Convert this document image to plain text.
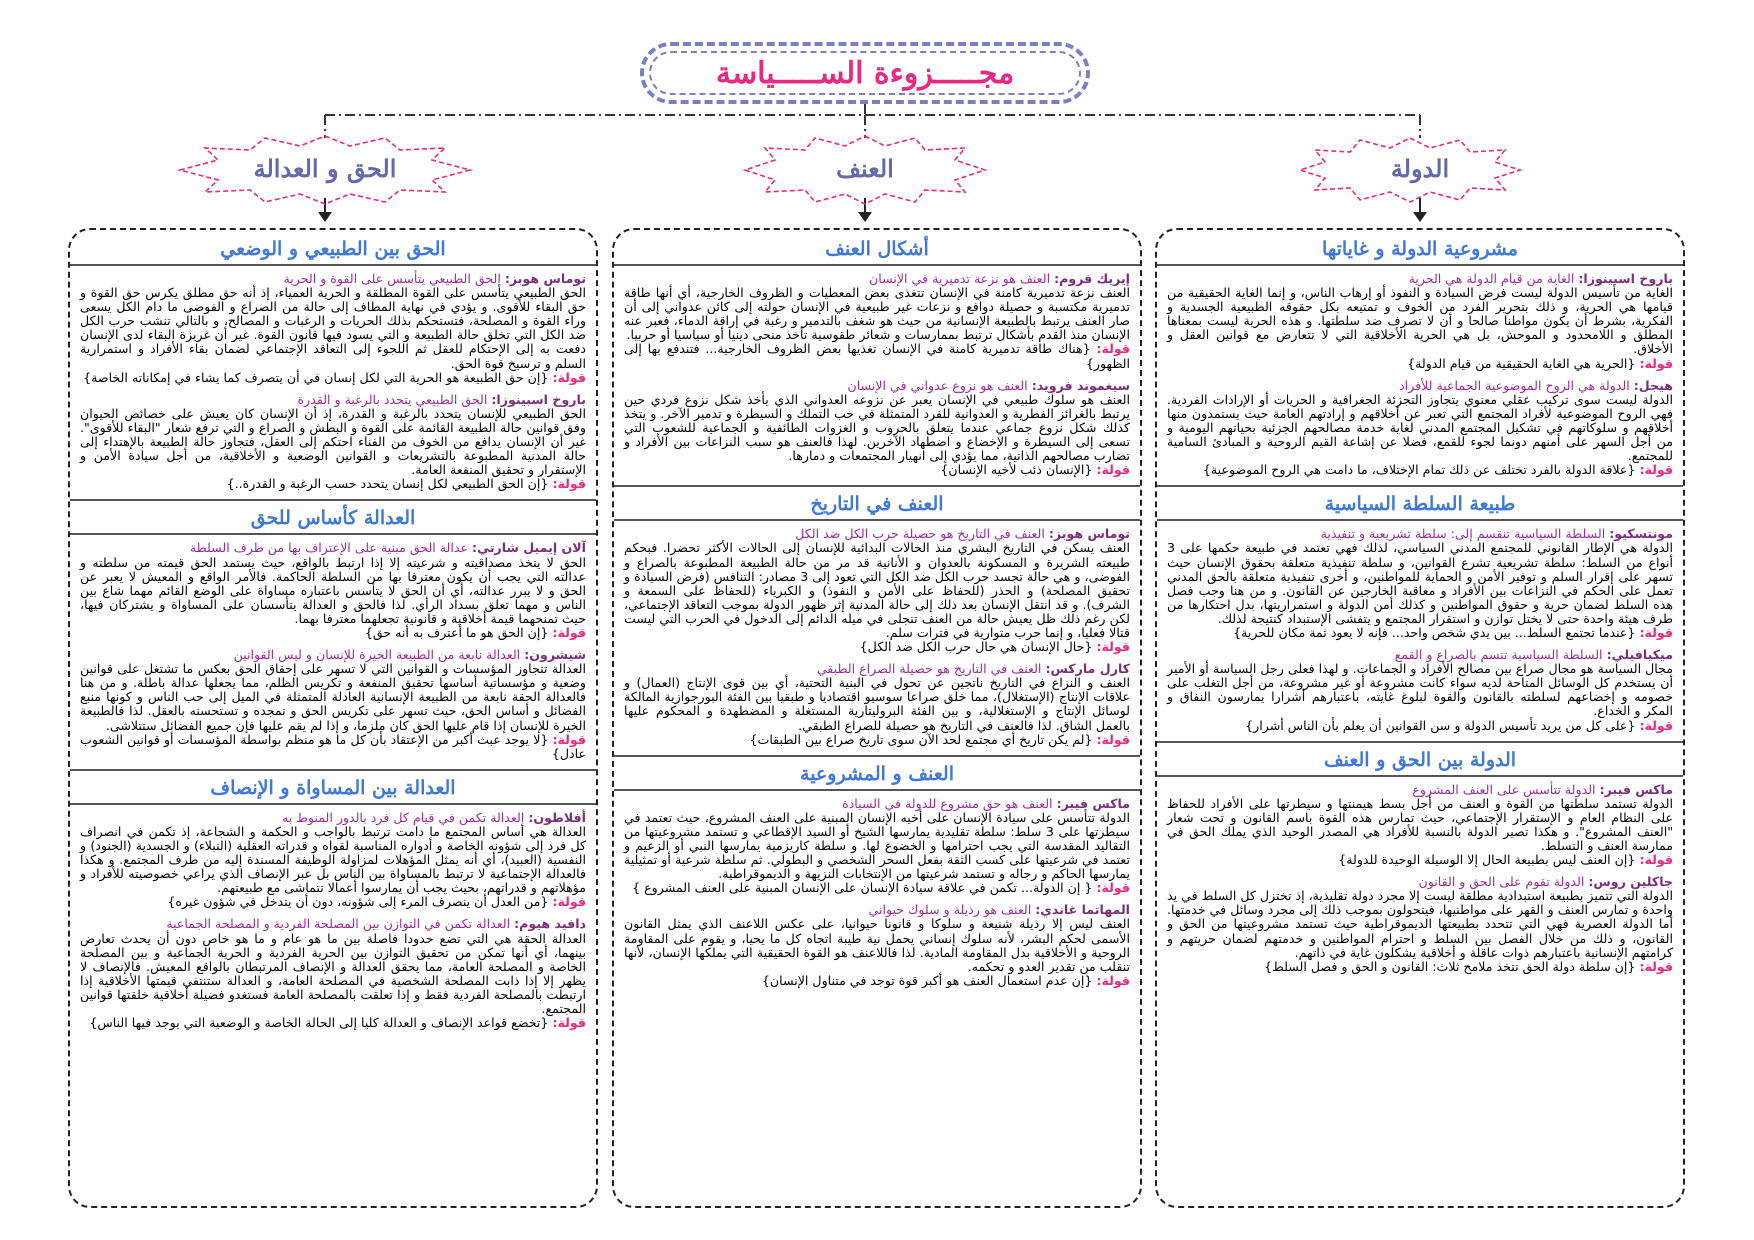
مجـــــزوءة الســـــياسة
الدولة
العنف
الحق و العدالة
مشروعية الدولة و غاياتها
باروخ اسبينوزا: الغاية من قيام الدولة هي الحرية
الغاية من تأسيس الدولة ليست فرض السيادة و النفوذ أو إرهاب الناس، و إنما الغاية الحقيقية من قيامها هي الحرية، و ذلك بتحرير الفرد من الخوف و تمتيعه بكل حقوقه الطبيعية الجسدية و الفكرية، بشرط أن يكون مواطنا صالحا و أن لا تصرف ضد سلطتها. و هذه الحرية ليست بمعناها المطلق و اللامحدود و الموحش، بل هي الحرية الأخلاقية التي لا تتعارض مع قوانين العقل و الأخلاق.
قولة: {الحرية هي الغاية الحقيقية من قيام الدولة}
هيجل: الدولة هي الروح الموضوعية الجماعية للأفراد
الدولة ليست سوى تركيب عقلي معنوي يتجاوز التجزئة الجغرافية و الحريات أو الإرادات الفردية. فهي الروح الموضوعية لأفراد المجتمع التي تعبر عن أخلاقهم و إرادتهم العامة حيث يستمدون منها أخلاقهم و سلوكاتهم في تشكيل المجتمع المدني لغاية خدمة مصالحهم الجزئية بحياتهم اليومية و من أجل السهر على أمنهم دونما لجوء للقمع، فضلا عن إشاعة القيم الروحية و المبادئ السامية للمجتمع.
قولة: {علاقة الدولة بالفرد تختلف عن ذلك تمام الإختلاف، ما دامت هي الروح الموضوعية}
طبيعة السلطة السياسية
مونتسكيو: السلطة السياسية تنقسم إلى: سلطة تشريعية و تنفيذية
الدولة هي الإطار القانوني للمجتمع المدني السياسي، لذلك فهي تعتمد في طبيعة حكمها على 3 أنواع من السلط: سلطة تشريعية تشرع القوانين، و سلطة تنفيذية متعلقة بحقوق الإنسان حيث تسهر على إقرار السلم و توفير الأمن و الحماية للمواطنين، و أخرى تنفيذية متعلقة بالحق المدني تعمل على الحكم في النزاعات بين الأفراد و معاقبة الخارجين عن القانون. و من هنا وجب فصل هذه السلط لضمان حرية و حقوق المواطنين و كذلك أمن الدولة و استمراريتها، بدل احتكارها من طرف هيئة واحدة حتى لا يختل توازن و استقرار المجتمع و يتفشى الإستبداد كنتيجة لذلك.
قولة: {عندما تجتمع السلط... بين يدي شخص واحد... فإنه لا يعود ثمة مكان للحرية}
ميكيافيلي: السلطة السياسية تتسم بالصراع و القمع
مجال السياسة هو مجال صراع بين مصالح الأفراد و الجماعات. و لهذا فعلى رجل السياسة أو الأمير أن يستخدم كل الوسائل المتاحة لديه سواء كانت مشروعة أو غير مشروعة، من أجل التغلب على خصومه و إخضاعهم لسلطته بالقانون والقوة لبلوغ غايته، باعتبارهم أشرارا يمارسون النفاق و المكر و الخداع.
قولة: {على كل من يريد تأسيس الدولة و سن القوانين أن يعلم بأن الناس أشرار}
الدولة بين الحق و العنف
ماكس فيبر: الدولة تتأسس على العنف المشروع
الدولة تستمد سلطتها من القوة و العنف من أجل بسط هيمنتها و سيطرتها على الأفراد للحفاظ على النظام العام و الإستقرار الإجتماعي، حيث تمارس هذه القوة باسم القانون و تحت شعار "العنف المشروع". و هكذا تصير الدولة بالنسبة للأفراد هي المصدر الوحيد الذي يملك الحق في ممارسة العنف و التسلط.
قولة: {إن العنف ليس بطبيعة الحال إلا الوسيلة الوحيدة للدولة}
جاكلين روس: الدولة تقوم على الحق و القانون
الدولة التي تتميز بطبيعة استبدادية مطلقة ليست إلا مجرد دولة تقليدية، إذ تختزل كل السلط في يد واحدة و تمارس العنف و القهر على مواطنيها، فيتحولون بموجب ذلك إلى مجرد وسائل في خدمتها. أما الدولة العصرية فهي التي تتحدد بطبيعتها الديموقراطية حيث تستمد مشروعيتها من الحق و القانون، و ذلك من خلال الفصل بين السلط و احترام المواطنين و خدمتهم لضمان حريتهم و كرامتهم الإنسانية باعتبارهم ذوات عاقلة و أخلاقية يشكلون غاية في ذاتهم.
قولة: {إن سلطة دولة الحق تتخذ ملامح ثلاث: القانون و الحق و فصل السلط}
أشكال العنف
إيريك فروم: العنف هو نزعة تدميرية في الإنسان
العنف نزعة تدميرية كامنة في الإنسان تتغذى بعض المعطيات و الظروف الخارجية، أي أنها طاقة تدميرية مكتسبة و حصيلة دوافع و نزعات غير طبيعية في الإنسان حولته إلى كائن عدواني إلى أن صار العنف يرتبط بالطبيعة الإنسانية من حيث هو شغف بالتدمير و رغبة في إراقة الدماء، فعبر عنه الإنسان منذ القدم بأشكال ترتبط بممارسات و شعائر طقوسية تأخذ منحى دينيا أو سياسيا أو حربيا.
قولة: {هناك طاقة تدميرية كامنة في الإنسان تغذيها بعض الظروف الخارجية... فتندفع بها إلى الظهور}
سيغموند فرويد: العنف هو نزوع عدواني في الإنسان
العنف هو سلوك طبيعي في الإنسان يعبر عن نزوعه العدواني الذي يأخذ شكل نزوع فردي حين يرتبط بالغرائز الفطرية و العدوانية للفرد المتمثلة في حب التملك و السيطرة و تدمير الآخر. و يتخذ كذلك شكل نزوع جماعي عندما يتعلق بالحروب و الغزوات الطائفية و الجماعية للشعوب التي تسعى إلى السيطرة و الإخضاع و اضطهاد الآخرين. لهذا فالعنف هو سبب النزاعات بين الأفراد و تضارب مصالحهم الذاتية، مما يؤدي إلى انهيار المجتمعات و دمارها.
قولة: {الإنسان ذئب لأخيه الإنسان}
العنف في التاريخ
توماس هوبز: العنف في التاريخ هو حصيلة حرب الكل ضد الكل
العنف يسكن في التاريخ البشري منذ الحالات البدائية للإنسان إلى الحالات الأكثر تحضرا. فبحكم طبيعته الشريرة و المسكونة بالعدوان و الأنانية قد مر من حالة الطبيعة المطبوعة بالصراع و الفوضى، و هي حالة تجسد حرب الكل ضد الكل التي تعود إلى 3 مصادر: التنافس (فرض السيادة و تحقيق المصلحة) و الحذر (للحفاظ على الأمن و النفوذ) و الكبرياء (للحفاظ على السمعة و الشرف). و قد انتقل الإنسان بعد ذلك إلى حالة المدنية إثر ظهور الدولة بموجب التعاقد الإجتماعي، لكن رغم ذلك ظل يعيش حالة من العنف تتجلى في ميله الدائم إلى الدخول في الحرب التي ليست قتالا فعليا، و إنما حرب متوارية في فترات سلم.
قولة: {حال الإنسان هي حال حرب الكل ضد الكل}
كارل ماركس: العنف في التاريخ هو حصيلة الصراع الطبقي
العنف و النزاع في التاريخ ناتجين عن تحول في البنية التحتية، أي بين قوى الإنتاج (العمال) و علاقات الإنتاج (الإستغلال)، مما خلق صراعا سوسيو اقتصاديا و طبقيا بين الفئة البورجوازية المالكة لوسائل الإنتاج و الإستغلالية، و بين الفئة البروليتارية المستغلة و المضطهدة و المحكوم عليها بالعمل الشاق. لذا فالعنف في التاريخ هو حصيلة للصراع الطبقي.
قولة: {لم يكن تاريخ أي مجتمع لحد الآن سوى تاريخ صراع بين الطبقات}
العنف و المشروعية
ماكس فيبر: العنف هو حق مشروع للدولة في السيادة
الدولة تتأسس على سيادة الإنسان على أخيه الإنسان المبنية على العنف المشروع، حيث تعتمد في سيطرتها على 3 سلط: سلطة تقليدية يمارسها الشيخ أو السيد الإقطاعي و تستمد مشروعيتها من التقاليد المقدسة التي يجب احترامها و الخضوع لها. و سلطة كاريزمية يمارسها النبي أو الزعيم و تعتمد في شرعيتها على كسب الثقة بفعل السحر الشخصي و البطولي. ثم سلطة شرعية أو تمثيلية يمارسها الحاكم و رجاله و تستمد شرعيتها من الإنتخابات النزيهة و الديموقراطية.
قولة: { إن الدولة... تكمن في علاقة سيادة الإنسان على الإنسان المبنية على العنف المشروع }
المهاتما غاندي: العنف هو رذيلة و سلوك حيواني
العنف ليس إلا رذيلة شنيعة و سلوكا و قانونا حيوانيا، على عكس اللاعنف الذي يمثل القانون الأسمى لحكم البشر، لأنه سلوك إنساني يحمل نية طيبة اتجاه كل ما يحيا، و يقوم على المقاومة الروحية و الأخلاقية بدل المقاومة المادية. لذا فاللاعنف هو القوة الحقيقية التي يملكها الإنسان، لأنها تنقلب من تقدير العدو و تحكمه.
قولة: {إن عدم استعمال العنف هو أكبر قوة توجد في متناول الإنسان}
الحق بين الطبيعي و الوضعي
توماس هوبز: الحق الطبيعي يتأسس على القوة و الحرية
الحق الطبيعي يتأسس على القوة المطلقة و الحرية العمياء، إذ أنه حق مطلق يكرس حق القوة و حق البقاء للأقوى. و يؤدي في نهاية المطاف إلى حالة من الصراع و الفوضى ما دام الكل يسعى وراء القوة و المصلحة، فتستحكم بذلك الحريات و الرغبات و المصالح، و بالتالي تنشب حرب الكل ضد الكل التي تخلق حالة الطبيعة و التي يسود فيها قانون القوة. غير أن غريزة البقاء لدى الإنسان دفعت به إلى الإحتكام للعقل ثم اللجوء إلى التعاقد الإجتماعي لضمان بقاء الأفراد و استمرارية السلم و ترسيخ قوة الحق.
قولة: {إن حق الطبيعة هو الحرية التي لكل إنسان في أن يتصرف كما يشاء في إمكاناته الخاصة}
باروخ اسبينوزا: الحق الطبيعي يتحدد بالرغبة و القدرة
الحق الطبيعي للإنسان يتحدد بالرغبة و القدرة، إذ أن الإنسان كان يعيش على خصائص الحيوان وفق قوانين حالة الطبيعة القائمة على القوة و البطش و الصراع و التي ترفع شعار "البقاء للأقوى". غير أن الإنسان يدافع من الخوف من الفناء احتكم إلى العقل، فتجاوز حالة الطبيعة بالإهتداء إلى حالة المدنية المطبوعة بالتشريعات و القوانين الوضعية و الأخلاقية، من أجل سيادة الأمن و الإستقرار و تحقيق المنفعة العامة.
قولة: {إن الحق الطبيعي لكل إنسان يتحدد حسب الرغبة و القدرة..}
العدالة كأساس للحق
آلان إيميل شارتي: عدالة الحق مبنية على الإعتراف بها من طرف السلطة
الحق لا يتخذ مصداقيته و شرعيته إلا إذا ارتبط بالواقع، حيث يستمد الحق قيمته من سلطته و عدالته التي يجب أن يكون معترفا بها من السلطة الحاكمة. فالأمر الواقع و المعيش لا يعبر عن الحق و لا يبرر عدالته، أي أن الحق لا يتأسس باعتباره مساواة على الوضع القائم مهما شاع بين الناس و مهما تعلق بسداد الرأي. لذا فالحق و العدالة يتأسسان على المساواة و يشتركان فيها، حيث تمنحهما قيمة أخلاقية و قانونية تجعلهما معترفا بهما.
قولة: {إن الحق هو ما أعترف به أنه حق}
شيشرون: العدالة نابعة من الطبيعة الخيرة للإنسان و ليس القوانين
العدالة تتجاوز المؤسسات و القوانين التي لا تسهر على إحقاق الحق بعكس ما تشتغل على قوانين وضعية و مؤسساتية أساسها تحقيق المنفعة و تكريس الظلم، مما يجعلها عدالة باطلة. و من هنا فالعدالة الحقة نابعة من الطبيعة الإنسانية العادلة المتمثلة في الميل إلى حب الناس و كونها منبع الفضائل و أساس الحق، حيث تسهر على تكريس الحق و تمجده و تستحسنه بالعقل. لذا فالطبيعة الخيرة للإنسان إذا قام عليها الحق كان ملزما، و إذا لم يقم عليها فإن جميع الفضائل ستتلاشى.
قولة: {لا يوجد عبث أكبر من الإعتقاد بأن كل ما هو منظم بواسطة المؤسسات أو قوانين الشعوب عادل}
العدالة بين المساواة و الإنصاف
أفلاطون: العدالة تكمن في قيام كل فرد بالدور المنوط به
العدالة هي أساس المجتمع ما دامت ترتبط بالواجب و الحكمة و الشجاعة، إذ تكمن في انصراف كل فرد إلى شؤونه الخاصة و أدواره المناسبة لقواه و قدراته العقلية (النبلاء) و الجسدية (الجنود) و النفسية (العبيد)، أي أنه يمثل المؤهلات لمزاولة الوظيفة المسندة إليه من طرف المجتمع. و هكذا فالعدالة الإجتماعية لا ترتبط بالمساواة بين الناس بل عبر الإنصاف الذي يراعي خصوصيته للأفراد و مؤهلاتهم و قدراتهم، بحيث يجب أن يمارسوا أعمالا تتماشى مع طبيعتهم.
قولة: {من العدل أن ينصرف المرء إلى شؤونه، دون أن يتدخل في شؤون غيره}
دافيد هيوم: العدالة تكمن في التوازن بين المصلحة الفردية و المصلحة الجماعية
العدالة الحقة هي التي تضع حدودا فاصلة بين ما هو عام و ما هو خاص دون أن يحدث تعارض بينهما، أي أنها تمكن من تحقيق التوازن بين الحرية الفردية و الحرية الجماعية و بين المصلحة الخاصة و المصلحة العامة، مما يحقق العدالة و الإنصاف المرتبطان بالواقع المعيش. فالإنصاف لا يظهر إلا إذا ذابت المصلحة الشخصية في المصلحة العامة، و العدالة ستنتفي قيمتها الأخلاقية إذا ارتبطت بالمصلحة الفردية فقط و إذا تعلقت بالمصلحة العامة فستغدو فضيلة أخلاقية خلقتها قوانين المجتمع.
قولة: {تخضع قواعد الإنصاف و العدالة كليا إلى الحالة الخاصة و الوضعية التي يوجد فيها الناس}
